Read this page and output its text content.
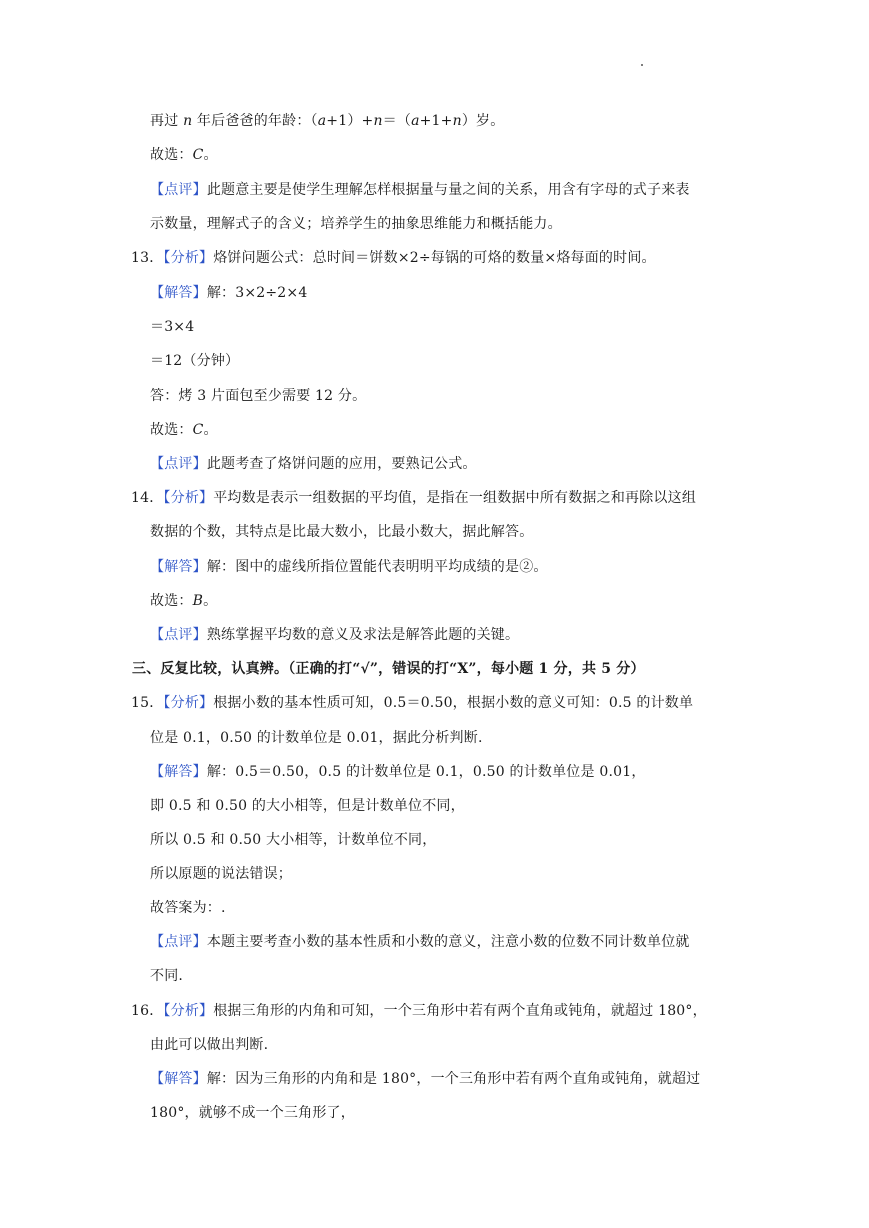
再过 n 年后爸爸的年龄：（a+1）+n＝（a+1+n）岁。
故选：C。
【点评】此题意主要是使学生理解怎样根据量与量之间的关系，用含有字母的式子来表
示数量，理解式子的含义；培养学生的抽象思维能力和概括能力。
13．【分析】烙饼问题公式：总时间＝饼数×2÷每锅的可烙的数量×烙每面的时间。
【解答】解：3×2÷2×4
＝3×4
＝12（分钟）
答：烤 3 片面包至少需要 12 分。
故选：C。
【点评】此题考查了烙饼问题的应用，要熟记公式。
14．【分析】平均数是表示一组数据的平均值，是指在一组数据中所有数据之和再除以这组
数据的个数，其特点是比最大数小，比最小数大，据此解答。
【解答】解：图中的虚线所指位置能代表明明平均成绩的是②。
故选：B。
【点评】熟练掌握平均数的意义及求法是解答此题的关键。
三、反复比较，认真辨。（正确的打“√”，错误的打“X”，每小题 1 分，共 5 分）
15．【分析】根据小数的基本性质可知，0.5＝0.50，根据小数的意义可知：0.5 的计数单
位是 0.1，0.50 的计数单位是 0.01，据此分析判断.
【解答】解：0.5＝0.50，0.5 的计数单位是 0.1，0.50 的计数单位是 0.01，
即 0.5 和 0.50 的大小相等，但是计数单位不同，
所以 0.5 和 0.50 大小相等，计数单位不同，
所以原题的说法错误；
故答案为：.
【点评】本题主要考查小数的基本性质和小数的意义，注意小数的位数不同计数单位就
不同.
16．【分析】根据三角形的内角和可知，一个三角形中若有两个直角或钝角，就超过 180°，
由此可以做出判断.
【解答】解：因为三角形的内角和是 180°，一个三角形中若有两个直角或钝角，就超过
180°，就够不成一个三角形了，
